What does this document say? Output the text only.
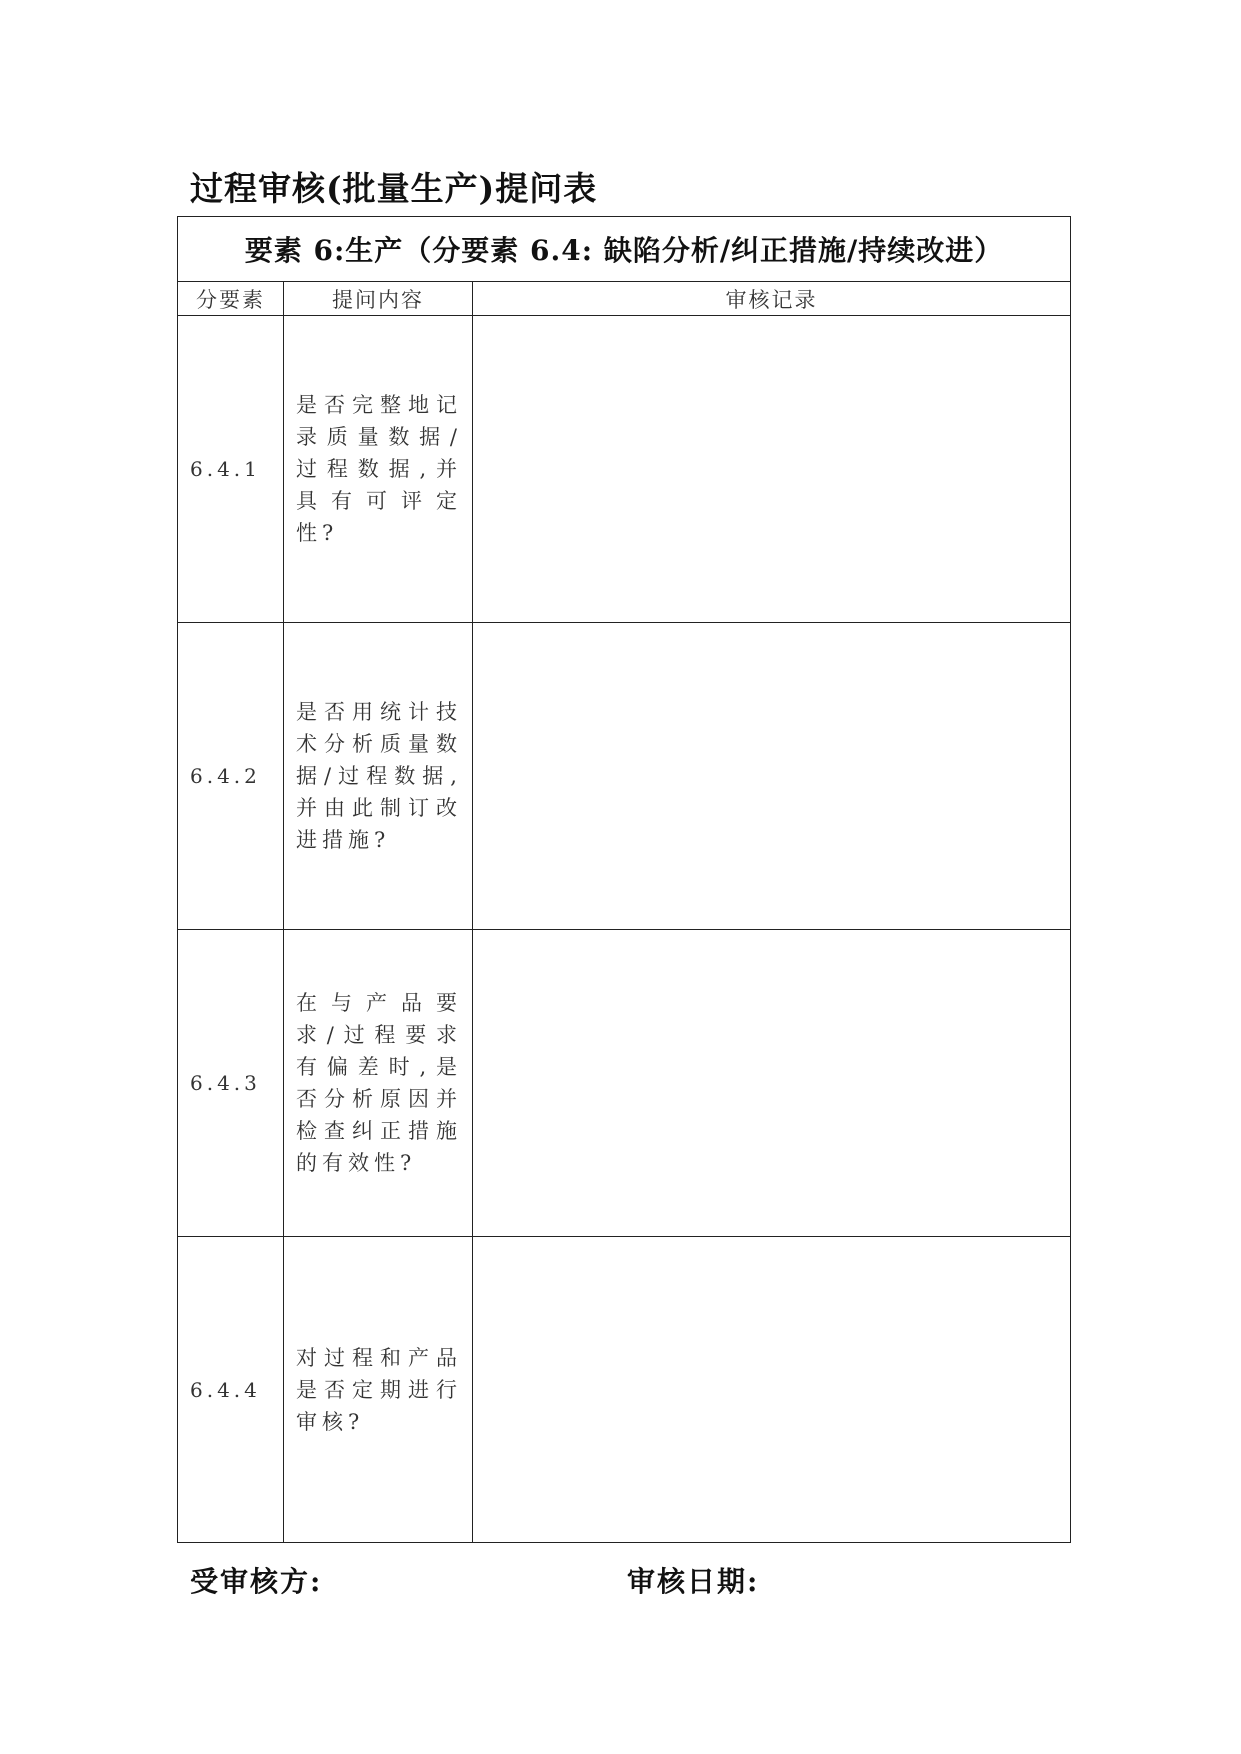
过程审核(批量生产)提问表
要素 6:生产（分要素 6.4: 缺陷分析/纠正措施/持续改进）		
分要素	提问内容	审核记录
6.4.1	是否完整地记录质量数据/过程数据,并具有可评定性?	
6.4.2	是否用统计技术分析质量数据/过程数据,并由此制订改进措施?	
6.4.3	在与产品要求/过程要求有偏差时,是否分析原因并检查纠正措施的有效性?	
6.4.4	对过程和产品是否定期进行审核?	
受审核方:	审核日期:
